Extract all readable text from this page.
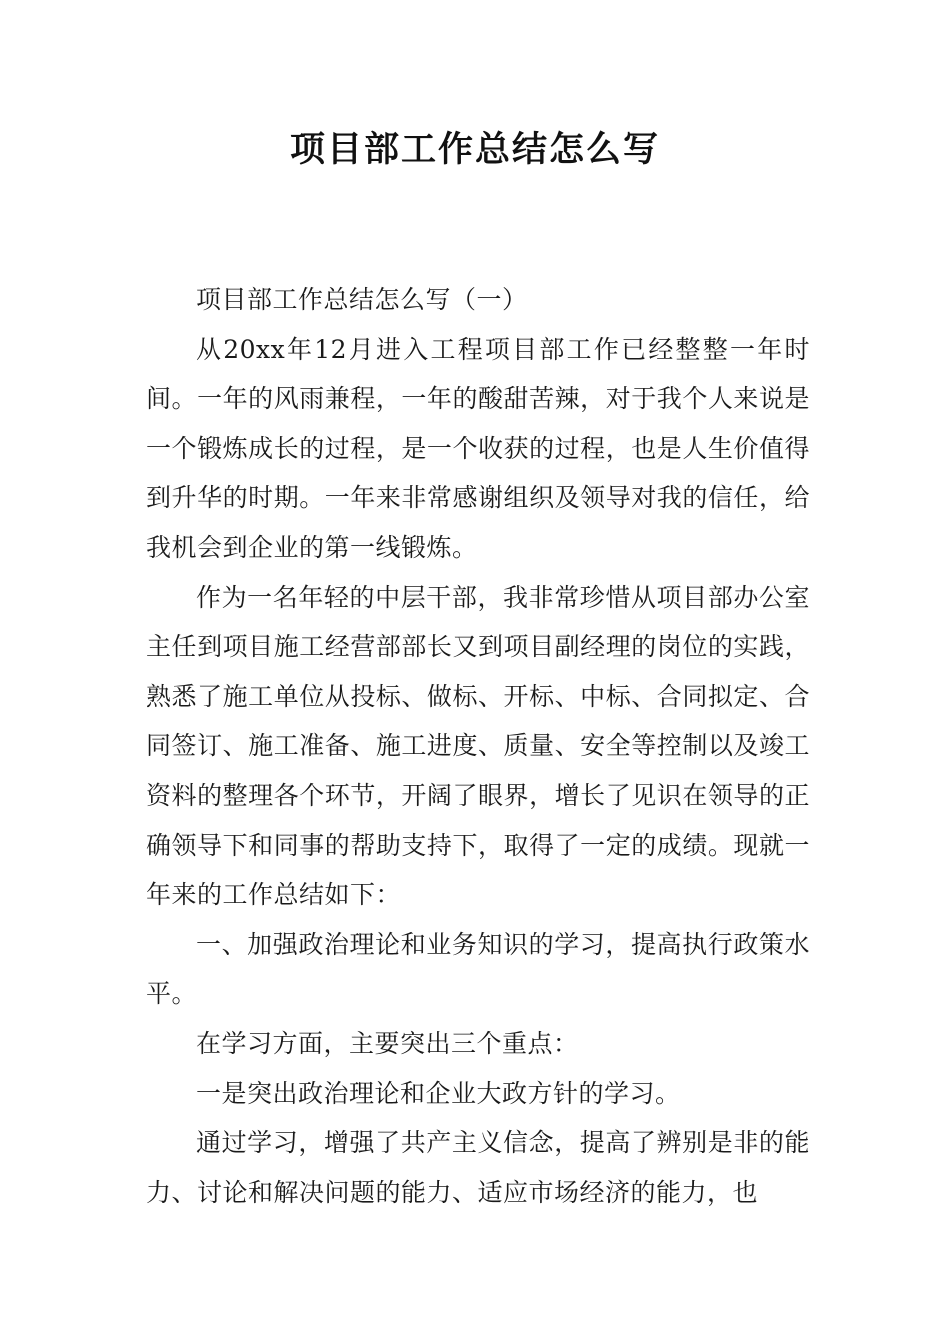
项目部工作总结怎么写

项目部工作总结怎么写（一）

从20xx年12月进入工程项目部工作已经整整一年时间。一年的风雨兼程，一年的酸甜苦辣，对于我个人来说是一个锻炼成长的过程，是一个收获的过程，也是人生价值得到升华的时期。一年来非常感谢组织及领导对我的信任，给我机会到企业的第一线锻炼。

作为一名年轻的中层干部，我非常珍惜从项目部办公室主任到项目施工经营部部长又到项目副经理的岗位的实践，熟悉了施工单位从投标、做标、开标、中标、合同拟定、合同签订、施工准备、施工进度、质量、安全等控制以及竣工资料的整理各个环节，开阔了眼界，增长了见识在领导的正确领导下和同事的帮助支持下，取得了一定的成绩。现就一年来的工作总结如下：

一、加强政治理论和业务知识的学习，提高执行政策水平。

在学习方面，主要突出三个重点：

一是突出政治理论和企业大政方针的学习。

通过学习，增强了共产主义信念，提高了辨别是非的能力、讨论和解决问题的能力、适应市场经济的能力，也
